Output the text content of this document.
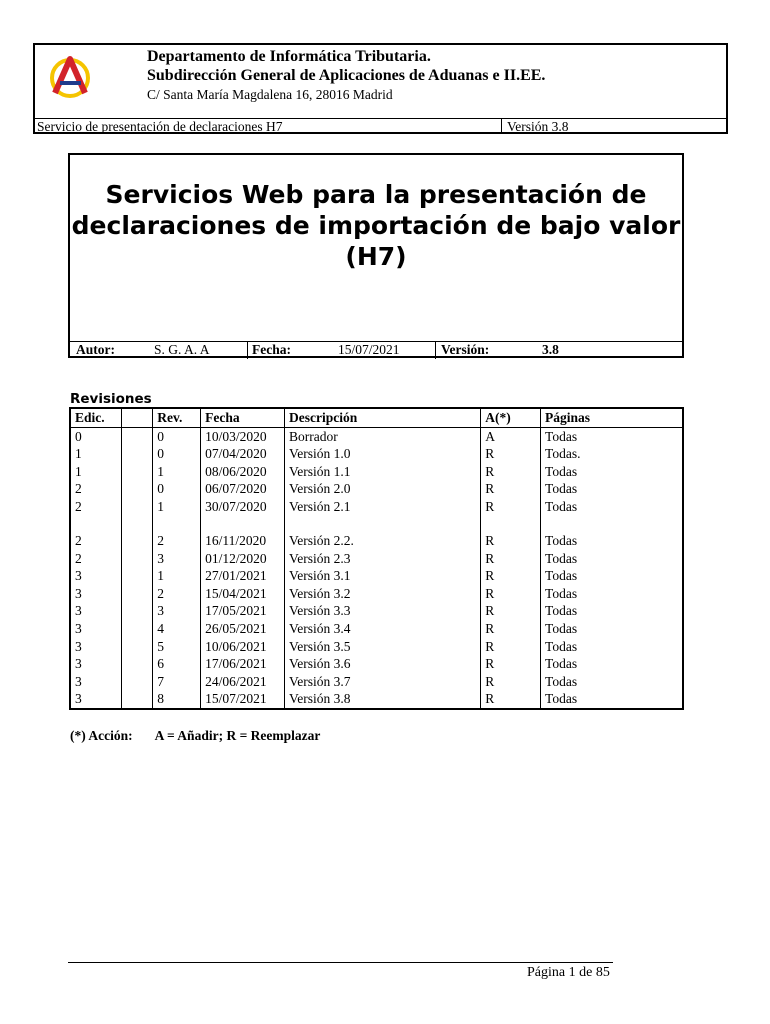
Departamento de Informática Tributaria.
Subdirección General de Aplicaciones de Aduanas e II.EE.
C/ Santa María Magdalena 16, 28016 Madrid
Servicio de presentación de declaraciones H7	Versión 3.8
Servicios Web para la presentación de declaraciones de importación de bajo valor (H7)
Autor:	S. G. A. A	Fecha:	15/07/2021	Versión:	3.8
Revisiones
Edic.		Rev.	Fecha	Descripción	A(*)	Páginas
0		0	10/03/2020	Borrador	A	Todas
1		0	07/04/2020	Versión 1.0	R	Todas.
1		1	08/06/2020	Versión 1.1	R	Todas
2		0	06/07/2020	Versión 2.0	R	Todas
2		1	30/07/2020	Versión 2.1	R	Todas
2		2	16/11/2020	Versión 2.2.	R	Todas
2		3	01/12/2020	Versión 2.3	R	Todas
3		1	27/01/2021	Versión 3.1	R	Todas
3		2	15/04/2021	Versión 3.2	R	Todas
3		3	17/05/2021	Versión 3.3	R	Todas
3		4	26/05/2021	Versión 3.4	R	Todas
3		5	10/06/2021	Versión 3.5	R	Todas
3		6	17/06/2021	Versión 3.6	R	Todas
3		7	24/06/2021	Versión 3.7	R	Todas
3		8	15/07/2021	Versión 3.8	R	Todas
(*) Acción: A = Añadir; R = Reemplazar
Página 1 de 85
